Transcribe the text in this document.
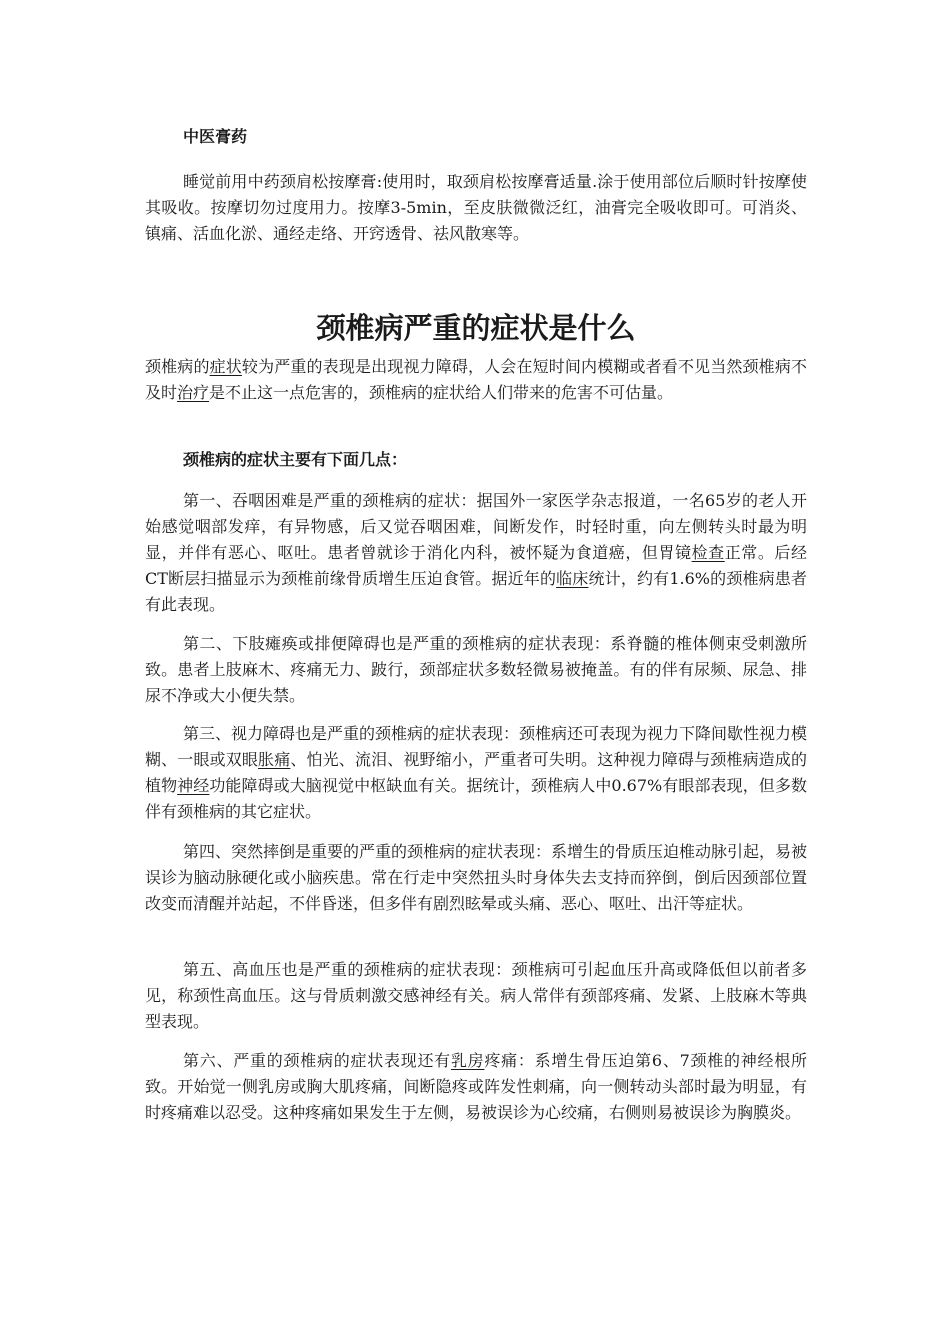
中医膏药

睡觉前用中药颈肩松按摩膏:使用时，取颈肩松按摩膏适量.涂于使用部位后顺时针按摩使其吸收。按摩切勿过度用力。按摩3-5min，至皮肤微微泛红，油膏完全吸收即可。可消炎、镇痛、活血化淤、通经走络、开窍透骨、祛风散寒等。

颈椎病严重的症状是什么

颈椎病的症状较为严重的表现是出现视力障碍，人会在短时间内模糊或者看不见当然颈椎病不及时治疗是不止这一点危害的，颈椎病的症状给人们带来的危害不可估量。

颈椎病的症状主要有下面几点：

第一、吞咽困难是严重的颈椎病的症状：据国外一家医学杂志报道，一名65岁的老人开始感觉咽部发痒，有异物感，后又觉吞咽困难，间断发作，时轻时重，向左侧转头时最为明显，并伴有恶心、呕吐。患者曾就诊于消化内科，被怀疑为食道癌，但胃镜检查正常。后经CT断层扫描显示为颈椎前缘骨质增生压迫食管。据近年的临床统计，约有1.6%的颈椎病患者有此表现。

第二、下肢瘫痪或排便障碍也是严重的颈椎病的症状表现：系脊髓的椎体侧束受刺激所致。患者上肢麻木、疼痛无力、跛行，颈部症状多数轻微易被掩盖。有的伴有尿频、尿急、排尿不净或大小便失禁。

第三、视力障碍也是严重的颈椎病的症状表现：颈椎病还可表现为视力下降间歇性视力模糊、一眼或双眼胀痛、怕光、流泪、视野缩小，严重者可失明。这种视力障碍与颈椎病造成的植物神经功能障碍或大脑视觉中枢缺血有关。据统计，颈椎病人中0.67%有眼部表现，但多数伴有颈椎病的其它症状。

第四、突然摔倒是重要的严重的颈椎病的症状表现：系增生的骨质压迫椎动脉引起，易被误诊为脑动脉硬化或小脑疾患。常在行走中突然扭头时身体失去支持而猝倒，倒后因颈部位置改变而清醒并站起，不伴昏迷，但多伴有剧烈眩晕或头痛、恶心、呕吐、出汗等症状。

第五、高血压也是严重的颈椎病的症状表现：颈椎病可引起血压升高或降低但以前者多见，称颈性高血压。这与骨质刺激交感神经有关。病人常伴有颈部疼痛、发紧、上肢麻木等典型表现。

第六、严重的颈椎病的症状表现还有乳房疼痛：系增生骨压迫第6、7颈椎的神经根所致。开始觉一侧乳房或胸大肌疼痛，间断隐疼或阵发性刺痛，向一侧转动头部时最为明显，有时疼痛难以忍受。这种疼痛如果发生于左侧，易被误诊为心绞痛，右侧则易被误诊为胸膜炎。
